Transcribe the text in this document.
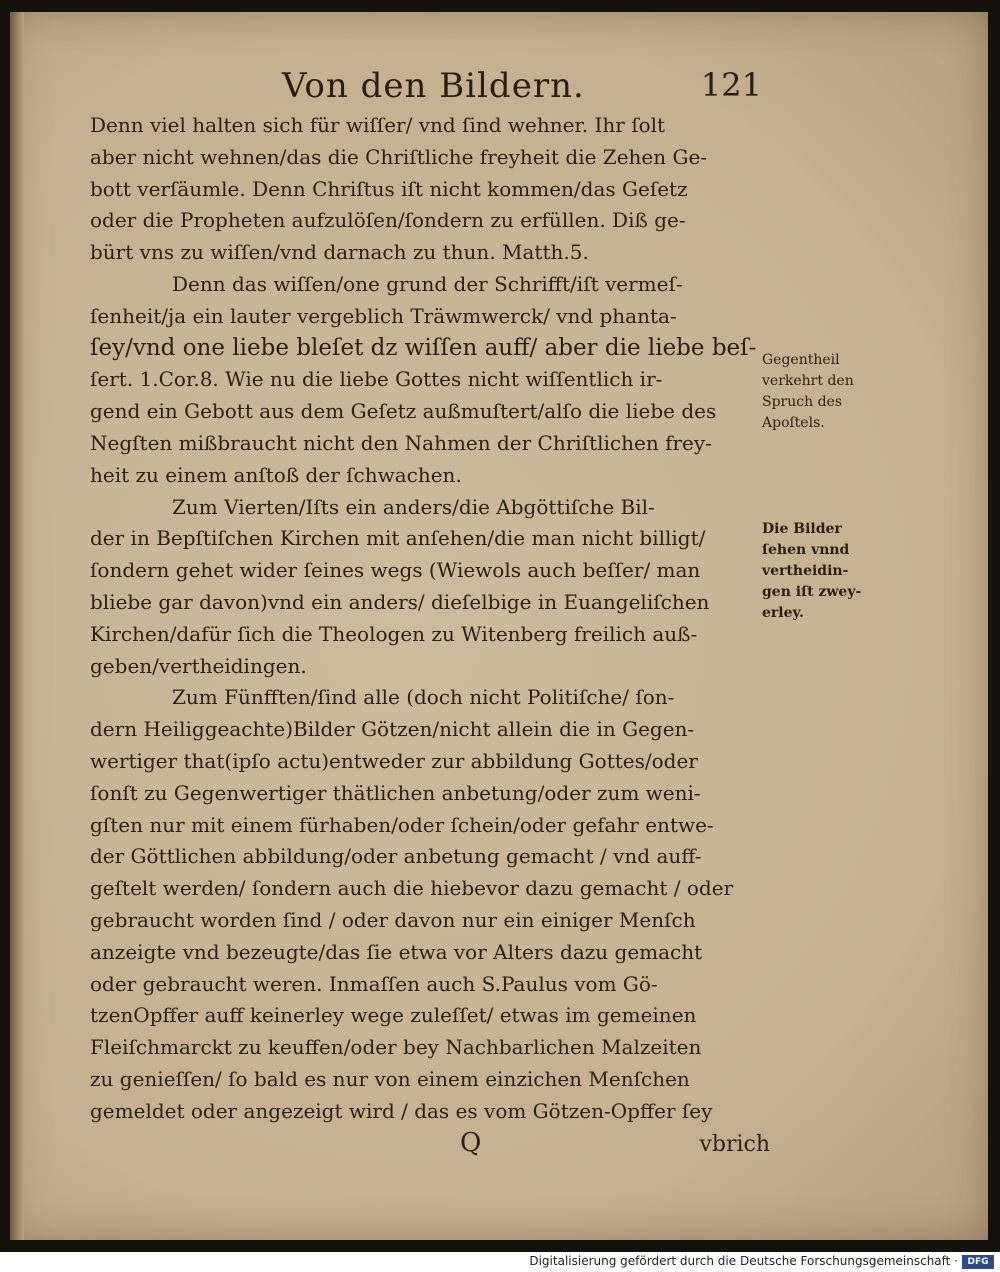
Von den Bildern.	121
Denn viel halten sich für wiſſer/ vnd ſind wehner. Ihr ſolt
aber nicht wehnen/das die Chriſtliche freyheit die Zehen Ge-
bott verſäumle. Denn Chriſtus iſt nicht kommen/das Geſetz
oder die Propheten aufzulöſen/ſondern zu erfüllen. Diß ge-
bürt vns zu wiſſen/vnd darnach zu thun. Matth.5.
Denn das wiſſen/one grund der Schrifft/iſt vermeſ-
ſenheit/ja ein lauter vergeblich Träwmwerck/ vnd phanta-
ſey/vnd one liebe bleſet dz wiſſen auff/ aber die liebe beſ-
ſert. 1.Cor.8. Wie nu die liebe Gottes nicht wiſſentlich ir-
gend ein Gebott aus dem Geſetz außmuſtert/alſo die liebe des
Negſten mißbraucht nicht den Nahmen der Chriſtlichen frey-
heit zu einem anſtoß der ſchwachen.
Zum Vierten/Iſts ein anders/die Abgöttiſche Bil-
der in Bepſtiſchen Kirchen mit anſehen/die man nicht billigt/
ſondern gehet wider ſeines wegs (Wiewols auch beſſer/ man
bliebe gar davon)vnd ein anders/ dieſelbige in Euangeliſchen
Kirchen/dafür ſich die Theologen zu Witenberg freilich auß-
geben/vertheidingen.
Zum Fünfften/ſind alle (doch nicht Politiſche/ ſon-
dern Heiliggeachte)Bilder Götzen/nicht allein die in Gegen-
wertiger that(ipſo actu)entweder zur abbildung Gottes/oder
ſonſt zu Gegenwertiger thätlichen anbetung/oder zum weni-
gſten nur mit einem fürhaben/oder ſchein/oder gefahr entwe-
der Göttlichen abbildung/oder anbetung gemacht / vnd auff-
geſtelt werden/ ſondern auch die hiebevor dazu gemacht / oder
gebraucht worden ſind / oder davon nur ein einiger Menſch
anzeigte vnd bezeugte/das ſie etwa vor Alters dazu gemacht
oder gebraucht weren. Inmaſſen auch S.Paulus vom Gö-
tzenOpffer auff keinerley wege zuleſſet/ etwas im gemeinen
Fleiſchmarckt zu keuffen/oder bey Nachbarlichen Malzeiten
zu genieſſen/ ſo bald es nur von einem einzichen Menſchen
gemeldet oder angezeigt wird / das es vom Götzen-Opffer ſey
Gegentheil
verkehrt den
Spruch des
Apoſtels.
Die Bilder
ſehen vnnd
vertheidin-
gen iſt zwey-
erley.
Q	vbrich
Digitalisierung gefördert durch die Deutsche Forschungsgemeinschaft ·	DFG
